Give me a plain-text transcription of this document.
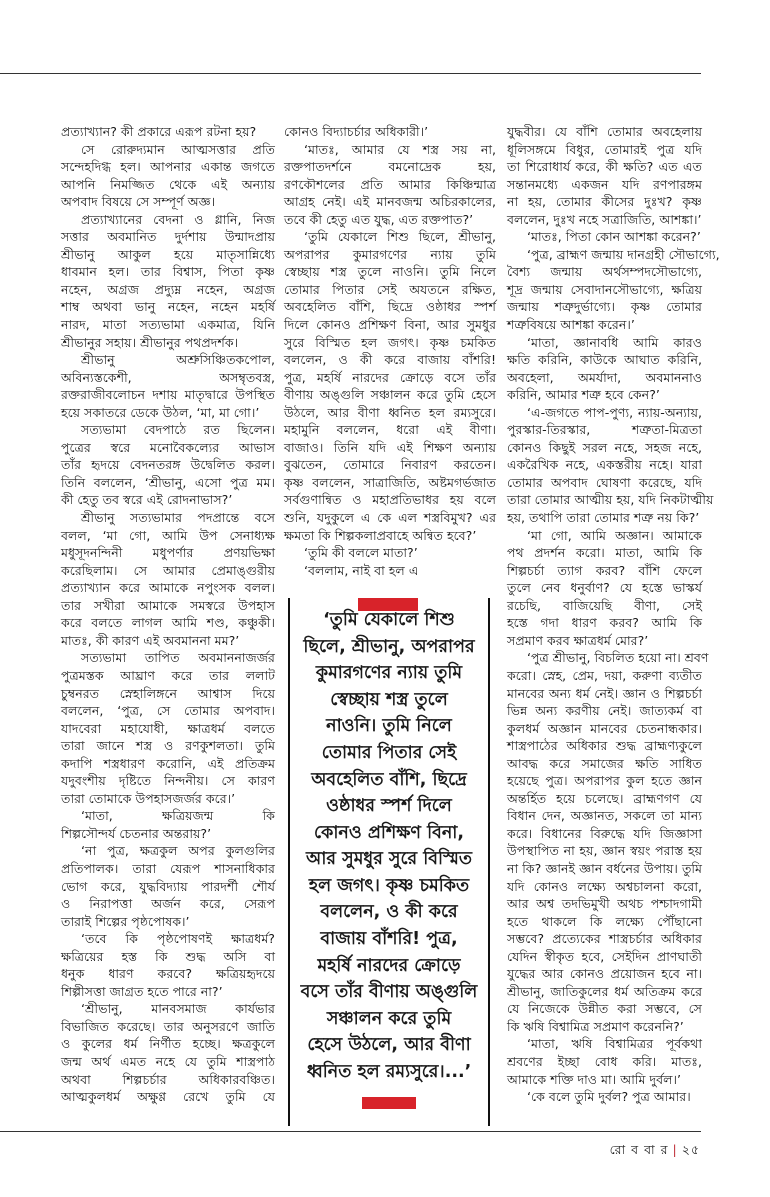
প্রত্যাখ্যান? কী প্রকারে এরূপ রটনা হয়?
সে রোরুদ্যমান আত্মসত্তার প্রতি
সন্দেহদিগ্ধ হল। আপনার একান্ত জগতে
আপনি নিমজ্জিত থেকে এই অন্যায়
অপবাদ বিষয়ে সে সম্পূর্ণ অজ্ঞ।
প্রত্যাখ্যানের বেদনা ও গ্লানি, নিজ
সত্তার অবমানিত দুর্দশায় উন্মাদপ্রায়
শ্রীভানু আকুল হয়ে মাতৃসান্নিধ্যে
ধাবমান হল। তার বিশ্বাস, পিতা কৃষ্ণ
নহেন, অগ্রজ প্রদ্যুম্ন নহেন, অগ্রজ
শাম্ব অথবা ভানু নহেন, নহেন মহর্ষি
নারদ, মাতা সত্যভামা একমাত্র, যিনি
শ্রীভানুর সহায়। শ্রীভানুর পথপ্রদর্শক।
শ্রীভানু অশ্রুসিঞ্চিতকপোল,
অবিন্যস্তকেশী, অসম্বৃতবস্ত্র,
রক্তরাজীবলোচন দশায় মাতৃদ্বারে উপস্থিত
হয়ে সকাতরে ডেকে উঠল, ‘মা, মা গো।’
সত্যভামা বেদপাঠে রত ছিলেন।
পুত্রের স্বরে মনোবৈকল্যের আভাস
তাঁর হৃদয়ে বেদনতরঙ্গ উদ্বেলিত করল।
তিনি বললেন, ‘শ্রীভানু, এসো পুত্র মম।
কী হেতু তব স্বরে এই রোদনাভাস?’
শ্রীভানু সত্যভামার পদপ্রান্তে বসে
বলল, ‘মা গো, আমি উপ সেনাধ্যক্ষ
মধুসূদনন্দিনী মধুপর্ণার প্রণয়ভিক্ষা
করেছিলাম। সে আমার প্রেমাঙ্গুরীয়
প্রত্যাখ্যান করে আমাকে নপুংসক বলল।
তার সখীরা আমাকে সমস্বরে উপহাস
করে বলতে লাগল আমি শণ্ড, কঞ্চুকী।
মাতঃ, কী কারণ এই অবমাননা মম?’
সত্যভামা তাপিত অবমাননাজর্জর
পুত্রমস্তক আঘ্রাণ করে তার ললাট
চুম্বনরত স্নেহালিঙ্গনে আশ্বাস দিয়ে
বললেন, ‘পুত্র, সে তোমার অপবাদ।
যাদবেরা মহাযোধী, ক্ষাত্রধর্ম বলতে
তারা জানে শস্ত্র ও রণকুশলতা। তুমি
কদাপি শস্ত্রধারণ করোনি, এই প্রতিক্রম
যদুবংশীয় দৃষ্টিতে নিন্দনীয়। সে কারণ
তারা তোমাকে উপহাসজর্জর করে।’
‘মাতা, ক্ষত্রিয়জন্ম কি
শিল্পসৌন্দর্য চেতনার অন্তরায়?’
‘না পুত্র, ক্ষত্রকুল অপর কুলগুলির
প্রতিপালক। তারা যেরূপ শাসনাধিকার
ভোগ করে, যুদ্ধবিদ্যায় পারদর্শী শৌর্য
ও নিরাপত্তা অর্জন করে, সেরূপ
তারাই শিল্পের পৃষ্ঠপোষক।’
‘তবে কি পৃষ্ঠপোষণই ক্ষাত্রধর্ম?
ক্ষত্রিয়ের হস্ত কি শুদ্ধ অসি বা
ধনুক ধারণ করবে? ক্ষত্রিয়হৃদয়ে
শিল্পীসত্তা জাগ্রত হতে পারে না?’
‘শ্রীভানু, মানবসমাজ কার্যভার
বিভাজিত করেছে। তার অনুসরণে জাতি
ও কুলের ধর্ম নির্ণীত হচ্ছে। ক্ষত্রকুলে
জন্ম অর্থ এমত নহে যে তুমি শাস্ত্রপাঠ
অথবা শিল্পচর্চার অধিকারবঞ্চিত।
আত্মকুলধর্ম অক্ষুণ্ণ রেখে তুমি যে
কোনও বিদ্যাচর্চার অধিকারী।’
‘মাতঃ, আমার যে শস্ত্র সয় না,
রক্তপাতদর্শনে বমনোদ্রেক হয়,
রণকৌশলের প্রতি আমার কিঞ্চিন্মাত্র
আগ্রহ নেই। এই মানবজন্ম অচিরকালের,
তবে কী হেতু এত যুদ্ধ, এত রক্তপাত?’
‘তুমি যেকালে শিশু ছিলে, শ্রীভানু,
অপরাপর কুমারগণের ন্যায় তুমি
স্বেচ্ছায় শস্ত্র তুলে নাওনি। তুমি নিলে
তোমার পিতার সেই অযতনে রক্ষিত,
অবহেলিত বাঁশি, ছিদ্রে ওষ্ঠাধর স্পর্শ
দিলে কোনও প্রশিক্ষণ বিনা, আর সুমধুর
সুরে বিস্মিত হল জগৎ। কৃষ্ণ চমকিত
বললেন, ও কী করে বাজায় বাঁশরি!
পুত্র, মহর্ষি নারদের ক্রোড়ে বসে তাঁর
বীণায় অঙ্গুলি সঞ্চালন করে তুমি হেসে
উঠলে, আর বীণা ধ্বনিত হল রম্যসুরে।
মহামুনি বললেন, ধরো এই বীণা।
বাজাও। তিনি যদি এই শিক্ষণ অন্যায়
বুঝতেন, তোমারে নিবারণ করতেন।
কৃষ্ণ বললেন, সাত্রাজিতি, অষ্টমগর্ভজাত
সর্বগুণান্বিত ও মহাপ্রতিভাধর হয় বলে
শুনি, যদুকুলে এ কে এল শস্ত্রবিমুখ? এর
ক্ষমতা কি শিল্পকলাপ্রবাহে অন্বিত হবে?’
‘তুমি কী বললে মাতা?’
‘বললাম, নাই বা হল এ
যুদ্ধবীর। যে বাঁশি তোমার অবহেলায়
ধূলিসঙ্গমে বিধুর, তোমারই পুত্র যদি
তা শিরোধার্য করে, কী ক্ষতি? এত এত
সন্তানমধ্যে একজন যদি রণপারঙ্গম
না হয়, তোমার কীসের দুঃখ? কৃষ্ণ
বললেন, দুঃখ নহে সত্রাজিতি, আশঙ্কা।’
‘মাতঃ, পিতা কোন আশঙ্কা করেন?’
‘পুত্র, ব্রাহ্মণ জন্মায় দানগ্রহী সৌভাগ্যে,
বৈশ্য জন্মায় অর্থসম্পদসৌভাগ্যে,
শূদ্র জন্মায় সেবাদানসৌভাগ্যে, ক্ষত্রিয়
জন্মায় শত্রুদুর্ভাগ্যে। কৃষ্ণ তোমার
শত্রুবিষয়ে আশঙ্কা করেন।’
‘মাতা, জ্ঞানাবধি আমি কারও
ক্ষতি করিনি, কাউকে আঘাত করিনি,
অবহেলা, অমর্যাদা, অবমাননাও
করিনি, আমার শত্রু হবে কেন?’
‘এ-জগতে পাপ-পুণ্য, ন্যায়-অন্যায়,
পুরস্কার-তিরস্কার, শত্রুতা-মিত্রতা
কোনও কিছুই সরল নহে, সহজ নহে,
একরৈখিক নহে, একস্তরীয় নহে। যারা
তোমার অপবাদ ঘোষণা করেছে, যদি
তারা তোমার আত্মীয় হয়, যদি নিকটাত্মীয়
হয়, তথাপি তারা তোমার শত্রু নয় কি?’
‘মা গো, আমি অজ্ঞান। আমাকে
পথ প্রদর্শন করো। মাতা, আমি কি
শিল্পচর্চা ত্যাগ করব? বাঁশি ফেলে
তুলে নেব ধনুর্বাণ? যে হস্তে ভাস্কর্য
রচেছি, বাজিয়েছি বীণা, সেই
হস্তে গদা ধারণ করব? আমি কি
সপ্রমাণ করব ক্ষাত্রধর্ম মোর?’
‘পুত্র শ্রীভানু, বিচলিত হয়ো না। শ্রবণ
করো। স্নেহ, প্রেম, দয়া, করুণা ব্যতীত
মানবের অন্য ধর্ম নেই। জ্ঞান ও শিল্পচর্চা
ভিন্ন অন্য করণীয় নেই। জাত্যকর্ম বা
কুলধর্ম অজ্ঞান মানবের চেতনান্ধকার।
শাস্ত্রপাঠের অধিকার শুদ্ধ ব্রাহ্মণ্যকুলে
আবদ্ধ করে সমাজের ক্ষতি সাধিত
হয়েছে পুত্র। অপরাপর কুল হতে জ্ঞান
অন্তর্হিত হয়ে চলেছে। ব্রাহ্মণগণ যে
বিধান দেন, অজ্ঞানত, সকলে তা মান্য
করে। বিধানের বিরুদ্ধে যদি জিজ্ঞাসা
উপস্থাপিত না হয়, জ্ঞান স্বয়ং পরাস্ত হয়
না কি? জ্ঞানই জ্ঞান বর্ধনের উপায়। তুমি
যদি কোনও লক্ষ্যে অশ্বচালনা করো,
আর অশ্ব তদভিমুখী অথচ পশ্চাদগামী
হতে থাকলে কি লক্ষ্যে পৌঁছানো
সম্ভবে? প্রত্যেকের শাস্ত্রচর্চার অধিকার
যেদিন স্বীকৃত হবে, সেইদিন প্রাণঘাতী
যুদ্ধের আর কোনও প্রয়োজন হবে না।
শ্রীভানু, জাতিকুলের ধর্ম অতিক্রম করে
যে নিজেকে উন্নীত করা সম্ভবে, সে
কি ঋষি বিশ্বামিত্র সপ্রমাণ করেননি?’
‘মাতা, ঋষি বিশ্বামিত্রর পূর্বকথা
শ্রবণের ইচ্ছা বোধ করি। মাতঃ,
আমাকে শক্তি দাও মা। আমি দুর্বল।’
‘কে বলে তুমি দুর্বল? পুত্র আমার।
‘তুমি যেকালে শিশু
ছিলে, শ্রীভানু, অপরাপর
কুমারগণের ন্যায় তুমি
স্বেচ্ছায় শস্ত্র তুলে
নাওনি। তুমি নিলে
তোমার পিতার সেই
অবহেলিত বাঁশি, ছিদ্রে
ওষ্ঠাধর স্পর্শ দিলে
কোনও প্রশিক্ষণ বিনা,
আর সুমধুর সুরে বিস্মিত
হল জগৎ। কৃষ্ণ চমকিত
বললেন, ও কী করে
বাজায় বাঁশরি! পুত্র,
মহর্ষি নারদের ক্রোড়ে
বসে তাঁর বীণায় অঙ্গুলি
সঞ্চালন করে তুমি
হেসে উঠলে, আর বীণা
ধ্বনিত হল রম্যসুরে।...’
রো ব বা র | ২৫
